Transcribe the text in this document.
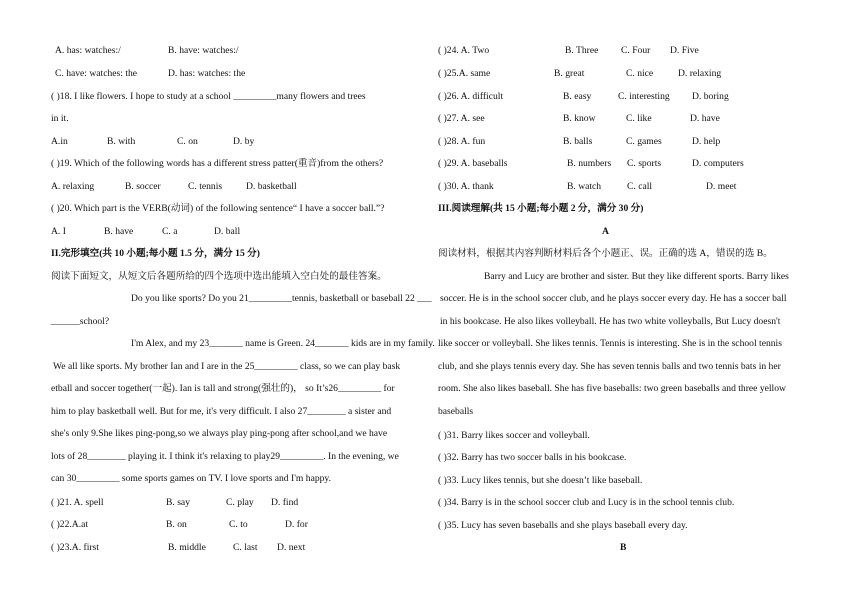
A. has: watches:/	B. have: watches:/
C. have: watches: the	D. has: watches: the
( )18. I like flowers. I hope to study at a school _________many flowers and trees
in it.
A.in	B. with	C. on	D. by
( )19. Which of the following words has a different stress patter(重音)from the others?
A. relaxing	B. soccer	C. tennis D. basketball
( )20. Which part is the VERB(动词) of the following sentence“ I have a soccer ball.”?
A. I	B. have	C. a	D. ball
II.完形填空(共 10 小题;每小题 1.5 分，满分 15 分)
阅读下面短文，从短文后各题所给的四个选项中选出能填入空白处的最佳答案。
Do you like sports? Do you 21_________tennis, basketball or baseball 22 ___
______school?
I'm Alex, and my 23_______ name is Green. 24_______ kids are in my family.
We all like sports. My brother Ian and I are in the 25_________ class, so we can play bask
etball and soccer together(一起). Ian is tall and strong(强壮的)， so It’s26_________ for
him to play basketball well. But for me, it's very difficult. I also 27________ a sister and
she's only 9.She likes ping-pong,so we always play ping-pong after school,and we have
lots of 28________ playing it. I think it's relaxing to play29_________. In the evening, we
can 30_________ some sports games on TV. I love sports and I'm happy.
( )21. A. spell	B. say	C. play D. find
( )22.A.at	B. on	C. to	D. for
( )23.A. first	B. middle	C. last D. next
( )24. A. Two	B. Three C. Four D. Five
( )25.A. same	B. great	C. nice	D. relaxing
( )26. A. difficult	B. easy	C. interesting D. boring
( )27. A. see	B. know	C. like	D. have
( )28. A. fun	B. balls	C. games	D. help
( )29. A. baseballs	B. numbers C. sports	D. computers
( )30. A. thank	B. watch	C. call	D. meet
III.阅读理解(共 15 小题;每小题 2 分，满分 30 分)
A
阅读材料，根据其内容判断材料后各个小题正、误。正确的选 A，错误的选 B。
Barry and Lucy are brother and sister. But they like different sports. Barry likes
soccer. He is in the school soccer club, and he plays soccer every day. He has a soccer ball
in his bookcase. He also likes volleyball. He has two white volleyballs, But Lucy doesn't
like soccer or volleyball. She likes tennis. Tennis is interesting. She is in the school tennis
club, and she plays tennis every day. She has seven tennis balls and two tennis bats in her
room. She also likes baseball. She has five baseballs: two green baseballs and three yellow
baseballs
( )31. Barry likes soccer and volleyball.
( )32. Barry has two soccer balls in his bookcase.
( )33. Lucy likes tennis, but she doesn’t like baseball.
( )34. Barry is in the school soccer club and Lucy is in the school tennis club.
( )35. Lucy has seven baseballs and she plays baseball every day.
B
